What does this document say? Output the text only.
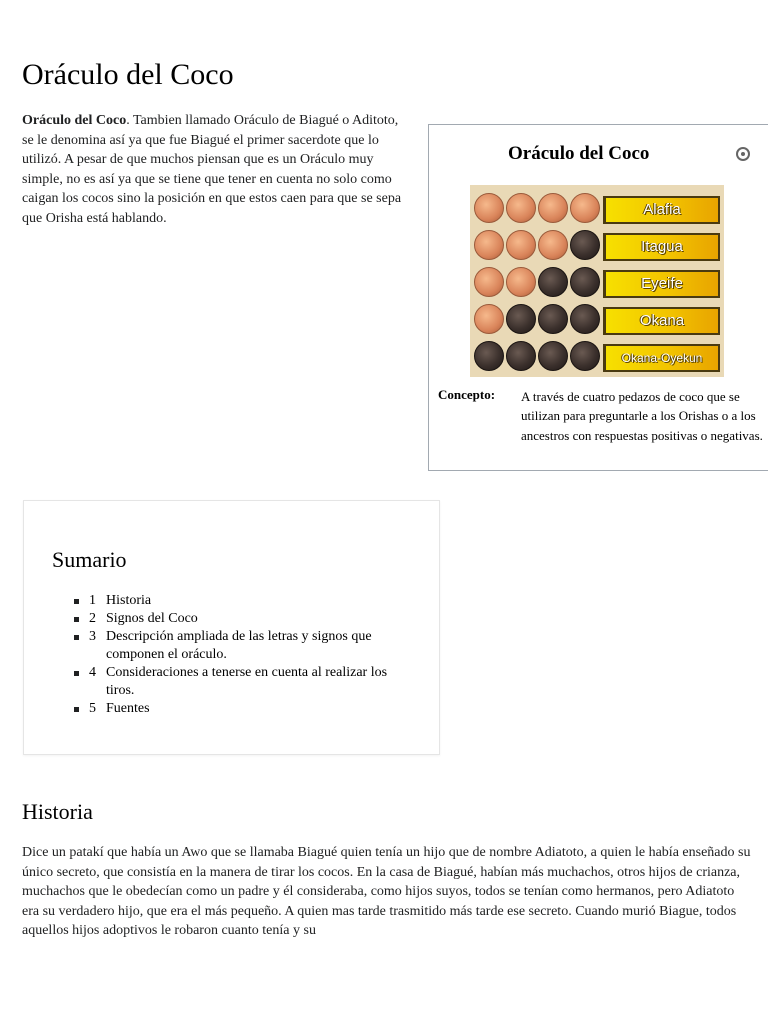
Oráculo del Coco

Oráculo del Coco. Tambien llamado Oráculo de Biagué o Aditoto, se le denomina así ya que fue Biagué el primer sacerdote que lo utilizó. A pesar de que muchos piensan que es un Oráculo muy simple, no es así ya que se tiene que tener en cuenta no solo como caigan los cocos sino la posición en que estos caen para que se sepa que Orisha está hablando.

Oráculo del Coco
Alafia
Itagua
Eyeife
Okana
Okana-Oyekun
Concepto: A través de cuatro pedazos de coco que se utilizan para preguntarle a los Orishas o a los ancestros con respuestas positivas o negativas.
Sumario
1 Historia
2 Signos del Coco
3 Descripción ampliada de las letras y signos que componen el oráculo.
4 Consideraciones a tenerse en cuenta al realizar los tiros.
5 Fuentes
Historia

Dice un patakí que había un Awo que se llamaba Biagué quien tenía un hijo que de nombre Adiatoto, a quien le había enseñado su único secreto, que consistía en la manera de tirar los cocos. En la casa de Biagué, habían más muchachos, otros hijos de crianza, muchachos que le obedecían como un padre y él consideraba, como hijos suyos, todos se tenían como hermanos, pero Adiatoto era su verdadero hijo, que era el más pequeño. A quien mas tarde trasmitido más tarde ese secreto. Cuando murió Biague, todos aquellos hijos adoptivos le robaron cuanto tenía y su
